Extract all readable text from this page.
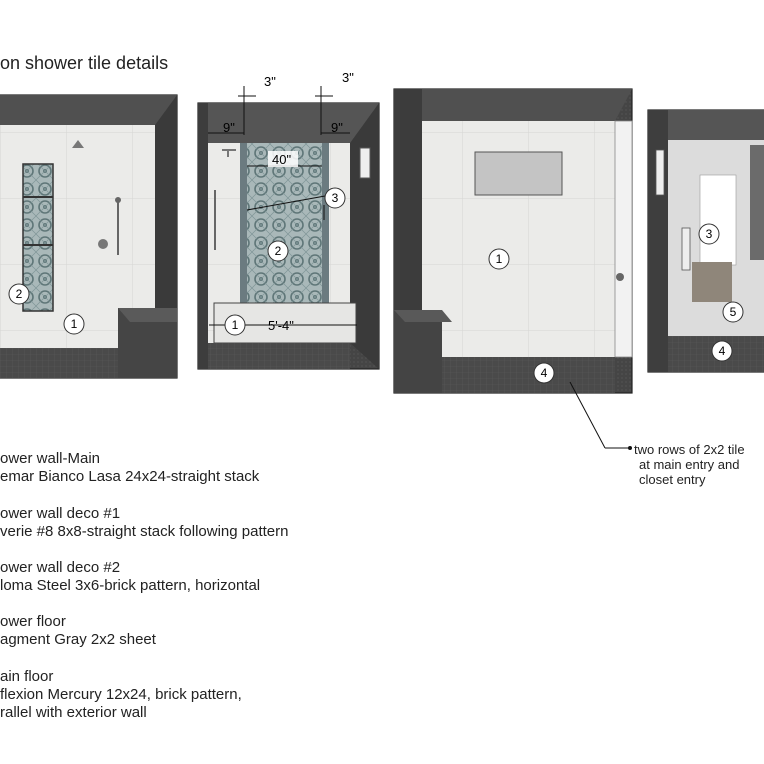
on shower tile details
1
2
2
3
1
1
4
3
5
4
3"	3"
9"	9"
40"
5'-4"
two rows of 2x2 tile
at main entry and
closet entry
ower wall-Main
emar Bianco Lasa 24x24-straight stack
ower wall deco #1
verie #8 8x8-straight stack following pattern
ower wall deco #2
loma Steel 3x6-brick pattern, horizontal
ower floor
agment Gray 2x2 sheet
ain floor
flexion Mercury 12x24, brick pattern,
rallel with exterior wall
